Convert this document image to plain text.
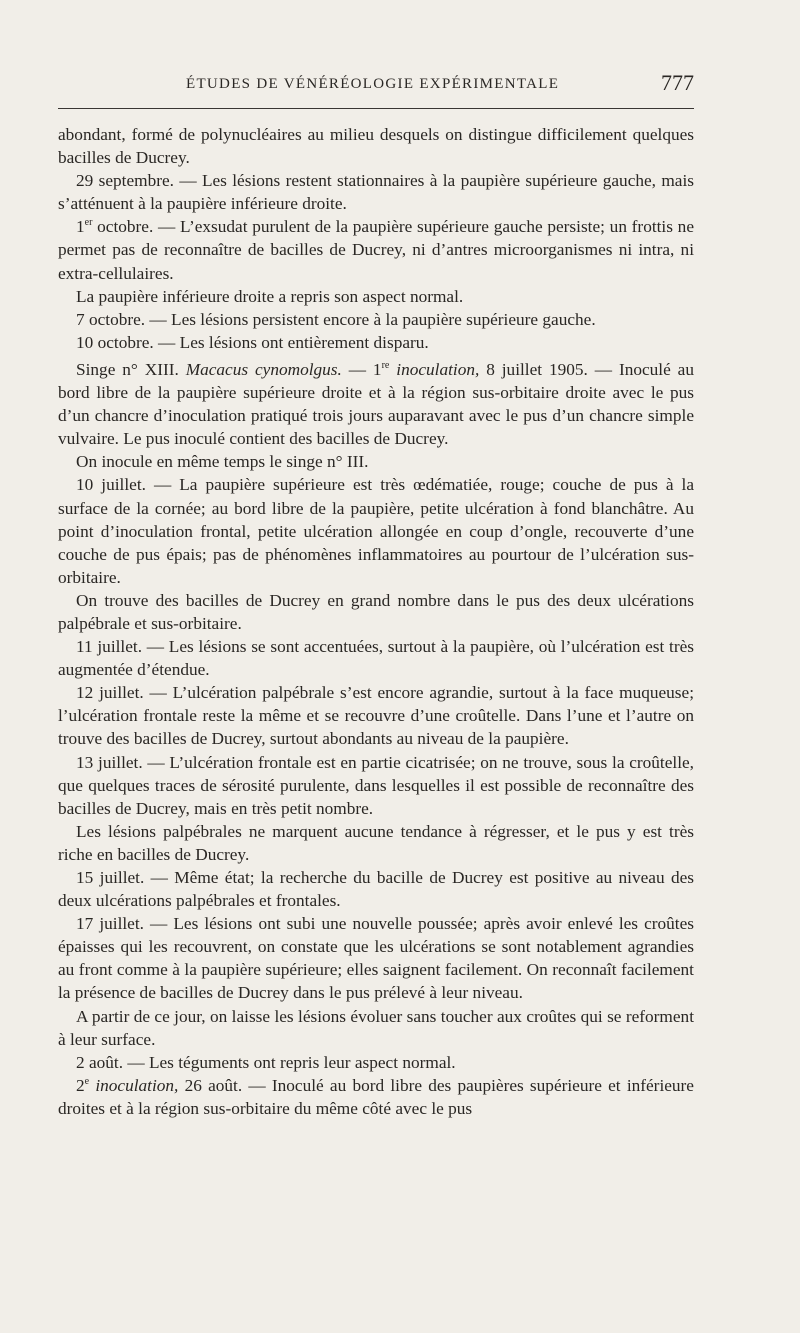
ÉTUDES DE VÉNÉRÉOLOGIE EXPÉRIMENTALE	777

abondant, formé de polynucléaires au milieu desquels on distingue difficilement quelques bacilles de Ducrey.

29 septembre. — Les lésions restent stationnaires à la paupière supérieure gauche, mais s’atténuent à la paupière inférieure droite.

1er octobre. — L’exsudat purulent de la paupière supérieure gauche persiste; un frottis ne permet pas de reconnaître de bacilles de Ducrey, ni d’antres microorganismes ni intra, ni extra-cellulaires.

La paupière inférieure droite a repris son aspect normal.

7 octobre. — Les lésions persistent encore à la paupière supérieure gauche.

10 octobre. — Les lésions ont entièrement disparu.

Singe n° XIII. Macacus cynomolgus. — 1re inoculation, 8 juillet 1905. — Inoculé au bord libre de la paupière supérieure droite et à la région sus-orbitaire droite avec le pus d’un chancre d’inoculation pratiqué trois jours auparavant avec le pus d’un chancre simple vulvaire. Le pus inoculé contient des bacilles de Ducrey.

On inocule en même temps le singe n° III.

10 juillet. — La paupière supérieure est très œdématiée, rouge; couche de pus à la surface de la cornée; au bord libre de la paupière, petite ulcération à fond blanchâtre. Au point d’inoculation frontal, petite ulcération allongée en coup d’ongle, recouverte d’une couche de pus épais; pas de phénomènes inflammatoires au pourtour de l’ulcération sus-orbitaire.

On trouve des bacilles de Ducrey en grand nombre dans le pus des deux ulcérations palpébrale et sus-orbitaire.

11 juillet. — Les lésions se sont accentuées, surtout à la paupière, où l’ulcération est très augmentée d’étendue.

12 juillet. — L’ulcération palpébrale s’est encore agrandie, surtout à la face muqueuse; l’ulcération frontale reste la même et se recouvre d’une croûtelle. Dans l’une et l’autre on trouve des bacilles de Ducrey, surtout abondants au niveau de la paupière.

13 juillet. — L’ulcération frontale est en partie cicatrisée; on ne trouve, sous la croûtelle, que quelques traces de sérosité purulente, dans lesquelles il est possible de reconnaître des bacilles de Ducrey, mais en très petit nombre.

Les lésions palpébrales ne marquent aucune tendance à régresser, et le pus y est très riche en bacilles de Ducrey.

15 juillet. — Même état; la recherche du bacille de Ducrey est positive au niveau des deux ulcérations palpébrales et frontales.

17 juillet. — Les lésions ont subi une nouvelle poussée; après avoir enlevé les croûtes épaisses qui les recouvrent, on constate que les ulcérations se sont notablement agrandies au front comme à la paupière supérieure; elles saignent facilement. On reconnaît facilement la présence de bacilles de Ducrey dans le pus prélevé à leur niveau.

A partir de ce jour, on laisse les lésions évoluer sans toucher aux croûtes qui se reforment à leur surface.

2 août. — Les téguments ont repris leur aspect normal.

2e inoculation, 26 août. — Inoculé au bord libre des paupières supérieure et inférieure droites et à la région sus-orbitaire du même côté avec le pus
